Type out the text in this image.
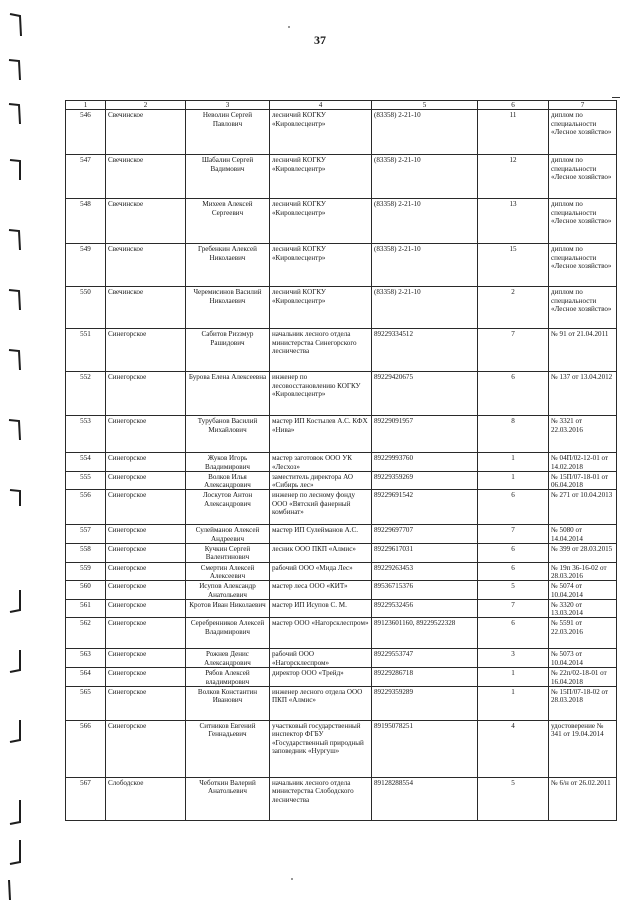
37
1	2	3	4	5	6	7
546	Свечинское	Неволин Сергей Павлович	лесничий КОГКУ «Кировлесцентр»	(83358) 2-21-10	11	диплом по специальности «Лесное хозяйство»
547	Свечинское	Шабалин Сергей Вадимович	лесничий КОГКУ «Кировлесцентр»	(83358) 2-21-10	12	диплом по специальности «Лесное хозяйство»
548	Свечинское	Михеев Алексей Сергеевич	лесничий КОГКУ «Кировлесцентр»	(83358) 2-21-10	13	диплом по специальности «Лесное хозяйство»
549	Свечинское	Гребенкин Алексей Николаевич	лесничий КОГКУ «Кировлесцентр»	(83358) 2-21-10	15	диплом по специальности «Лесное хозяйство»
550	Свечинское	Черемисинов Василий Николаевич	лесничий КОГКУ «Кировлесцентр»	(83358) 2-21-10	2	диплом по специальности «Лесное хозяйство»
551	Синегорское	Сабитов Риззмур Рашидович	начальник лесного отдела министерства Синегорского лесничества	89229334512	7	№ 91 от 21.04.2011
552	Синегорское	Бурова Елена Алексеевна	инженер по лесовосстановлению КОГКУ «Кировлесцентр»	89229420675	6	№ 137 от 13.04.2012
553	Синегорское	Турубанов Василий Михайлович	мастер ИП Костылев А.С. КФХ «Нива»	89229091957	8	№ 3321 от 22.03.2016
554	Синегорское	Жуков Игорь Владимирович	мастер заготовок ООО УК «Лесхоз»	89229993760	1	№ 04П/02-12-01 от 14.02.2018
555	Синегорское	Волков Илья Александрович	заместитель директора АО «Сибирь лес»	89229359269	1	№ 15П/07-18-01 от 06.04.2018
556	Синегорское	Лоскутов Антон Александрович	инженер по лесному фонду ООО «Вятский фанерный комбинат»	89229691542	6	№ 271 от 10.04.2013
557	Синегорское	Сулейманов Алексей Андреевич	мастер ИП Сулейманов А.С.	89229697707	7	№ 5080 от 14.04.2014
558	Синегорское	Кучкин Сергей Валентинович	лесник ООО ПКП «Алмис»	89229617031	6	№ 399 от 28.03.2015
559	Синегорское	Смертин Алексей Алексеевич	рабочий ООО «Мида Лес»	89229263453	6	№ 19п 36-16-02 от 28.03.2016
560	Синегорское	Исупов Александр Анатольевич	мастер леса ООО «КИТ»	89536715376	5	№ 5074 от 10.04.2014
561	Синегорское	Кротов Иван Николаевич	мастер ИП Исупов С. М.	89229532456	7	№ 3320 от 13.03.2014
562	Синегорское	Серебренников Алексей Владимирович	мастер ООО «Нагорсклеспром»	89123601160, 89229522328	6	№ 5591 от 22.03.2016
563	Синегорское	Рожнев Денис Александрович	рабочий ООО «Нагорсклеспром»	89229553747	3	№ 5073 от 10.04.2014
564	Синегорское	Рябов Алексей владимирович	директор ООО «Трейд»	89229286718	1	№ 22п/02-18-01 от 16.04.2018
565	Синегорское	Волков Константин Иванович	инженер лесного отдела ООО ПКП «Алмис»	89229359289	1	№ 15П/07-18-02 от 28.03.2018
566	Синегорское	Ситников Евгений Геннадьевич	участковый государственный инспектор ФГБУ «Государственный природный заповедник «Нургуш»	89195078251	4	удостоверение № 341 от 19.04.2014
567	Слободское	Чеботкин Валерий Анатольевич	начальник лесного отдела министерства Слободского лесничества	89128288554	5	№ 6/н от 26.02.2011
